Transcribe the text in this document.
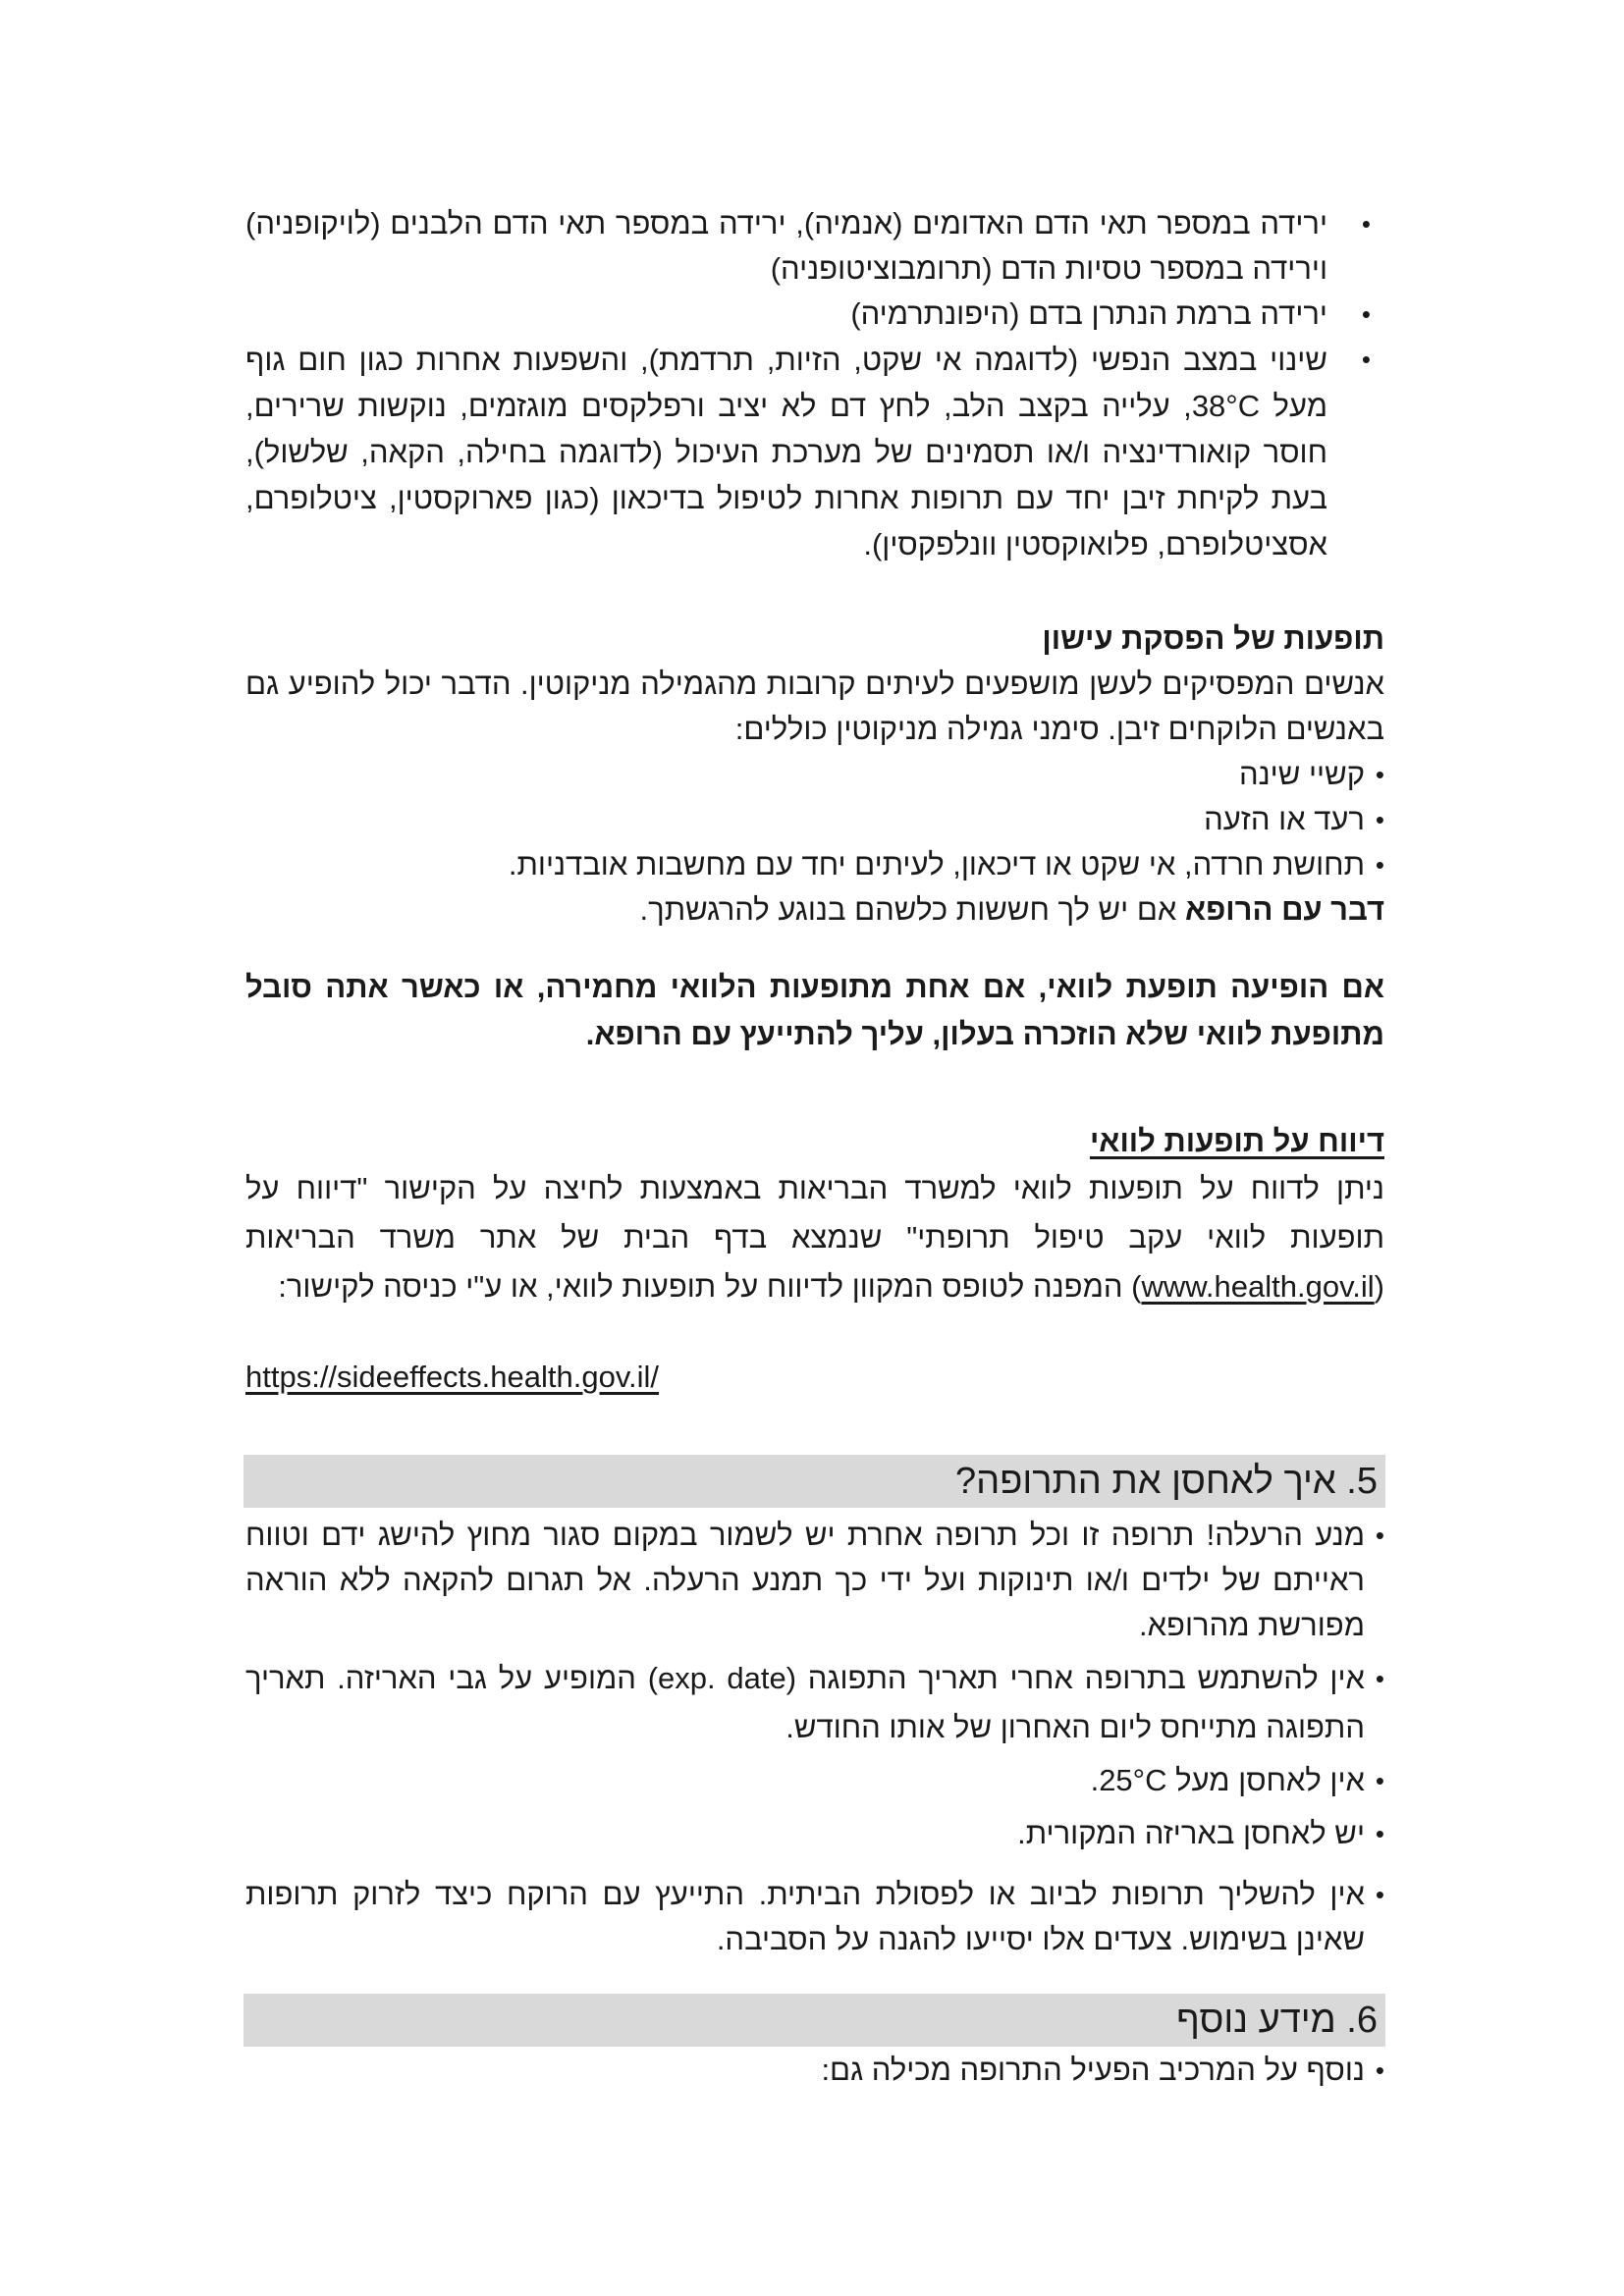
• ירידה במספר תאי הדם האדומים (אנמיה), ירידה במספר תאי הדם הלבנים (לויקופניה) וירידה במספר טסיות הדם (תרומבוציטופניה)
• ירידה ברמת הנתרן בדם (היפונתרמיה)
• שינוי במצב הנפשי (לדוגמה אי שקט, הזיות, תרדמת), והשפעות אחרות כגון חום גוף מעל 38°C, עלייה בקצב הלב, לחץ דם לא יציב ורפלקסים מוגזמים, נוקשות שרירים, חוסר קואורדינציה ו/או תסמינים של מערכת העיכול (לדוגמה בחילה, הקאה, שלשול), בעת לקיחת זיבן יחד עם תרופות אחרות לטיפול בדיכאון (כגון פארוקסטין, ציטלופרם, אסציטלופרם, פלואוקסטין וונלפקסין).
תופעות של הפסקת עישון
אנשים המפסיקים לעשן מושפעים לעיתים קרובות מהגמילה מניקוטין. הדבר יכול להופיע גם באנשים הלוקחים זיבן. סימני גמילה מניקוטין כוללים:
• קשיי שינה
• רעד או הזעה
• תחושת חרדה, אי שקט או דיכאון, לעיתים יחד עם מחשבות אובדניות.
דבר עם הרופא אם יש לך חששות כלשהם בנוגע להרגשתך.
אם הופיעה תופעת לוואי, אם אחת מתופעות הלוואי מחמירה, או כאשר אתה סובל מתופעת לוואי שלא הוזכרה בעלון, עליך להתייעץ עם הרופא.
דיווח על תופעות לוואי
ניתן לדווח על תופעות לוואי למשרד הבריאות באמצעות לחיצה על הקישור "דיווח על תופעות לוואי עקב טיפול תרופתי" שנמצא בדף הבית של אתר משרד הבריאות (www.health.gov.il) המפנה לטופס המקוון לדיווח על תופעות לוואי, או ע"י כניסה לקישור:
https://sideeffects.health.gov.il/
5. איך לאחסן את התרופה?
• מנע הרעלה! תרופה זו וכל תרופה אחרת יש לשמור במקום סגור מחוץ להישג ידם וטווח ראייתם של ילדים ו/או תינוקות ועל ידי כך תמנע הרעלה. אל תגרום להקאה ללא הוראה מפורשת מהרופא.
• אין להשתמש בתרופה אחרי תאריך התפוגה (exp. date) המופיע על גבי האריזה. תאריך התפוגה מתייחס ליום האחרון של אותו החודש.
• אין לאחסן מעל 25°C.
• יש לאחסן באריזה המקורית.
• אין להשליך תרופות לביוב או לפסולת הביתית. התייעץ עם הרוקח כיצד לזרוק תרופות שאינן בשימוש. צעדים אלו יסייעו להגנה על הסביבה.
6. מידע נוסף
• נוסף על המרכיב הפעיל התרופה מכילה גם:
